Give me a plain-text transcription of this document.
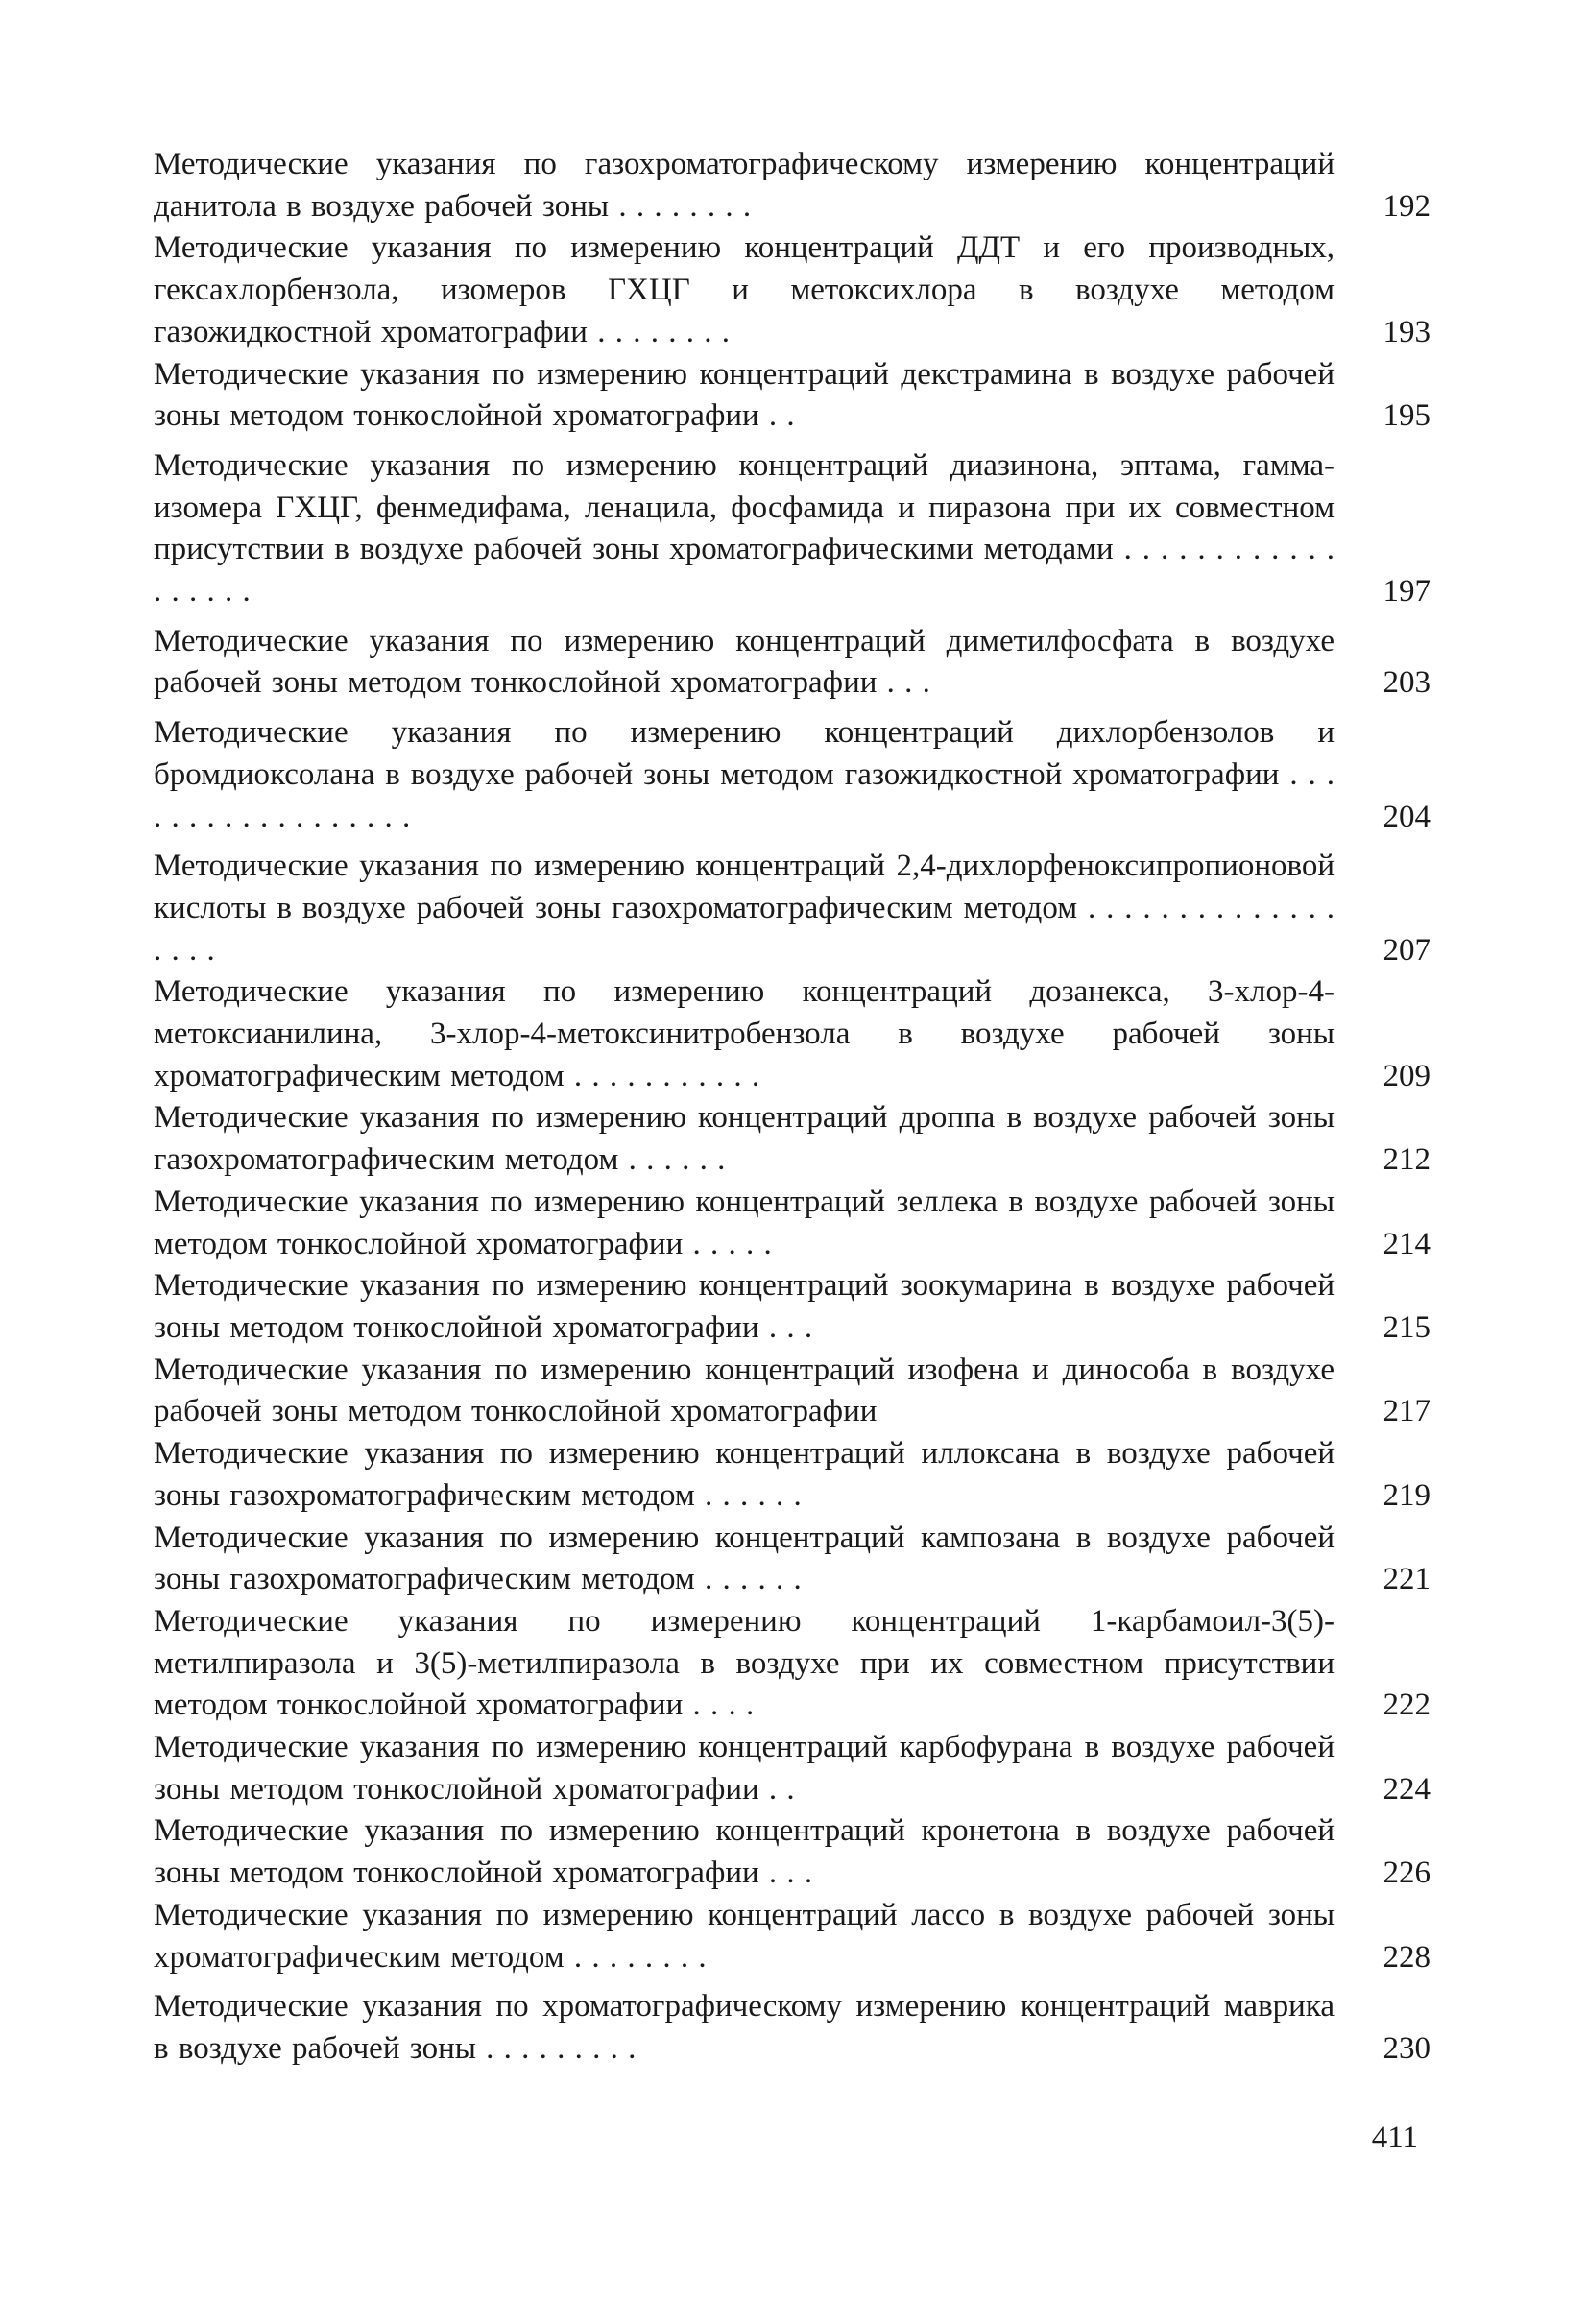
Методические указания по газохроматографическому измерению концентраций данитола в воздухе рабочей зоны . . . . . . . .	192
Методические указания по измерению концентраций ДДТ и его производных, гексахлорбензола, изомеров ГХЦГ и метоксихлора в воздухе методом газожидкостной хроматографии . . . . . . . .	193
Методические указания по измерению концентраций декстрамина в воздухе рабочей зоны методом тонкослойной хроматографии . .	195
Методические указания по измерению концентраций диазинона, эптама, гамма-изомера ГХЦГ, фенмедифама, ленацила, фосфамида и пиразона при их совместном присутствии в воздухе рабочей зоны хроматографическими методами . . . . . . . . . . . . . . . . . .	197
Методические указания по измерению концентраций диметилфосфата в воздухе рабочей зоны методом тонкослойной хроматографии . . .	203
Методические указания по измерению концентраций дихлорбензолов и бромдиоксолана в воздухе рабочей зоны методом газожидкостной хроматографии . . . . . . . . . . . . . . . . . .	204
Методические указания по измерению концентраций 2,4-дихлорфеноксипропионовой кислоты в воздухе рабочей зоны газохроматографическим методом . . . . . . . . . . . . . . . . . .	207
Методические указания по измерению концентраций дозанекса, 3-хлор-4-метоксианилина, 3-хлор-4-метоксинитробензола в воздухе рабочей зоны хроматографическим методом . . . . . . . . . . .	209
Методические указания по измерению концентраций дроппа в воздухе рабочей зоны газохроматографическим методом . . . . . .	212
Методические указания по измерению концентраций зеллека в воздухе рабочей зоны методом тонкослойной хроматографии . . . . .	214
Методические указания по измерению концентраций зоокумарина в воздухе рабочей зоны методом тонкослойной хроматографии . . .	215
Методические указания по измерению концентраций изофена и динособа в воздухе рабочей зоны методом тонкослойной хроматографии	217
Методические указания по измерению концентраций иллоксана в воздухе рабочей зоны газохроматографическим методом . . . . . .	219
Методические указания по измерению концентраций кампозана в воздухе рабочей зоны газохроматографическим методом . . . . . .	221
Методические указания по измерению концентраций 1-карбамоил-3(5)-метилпиразола и 3(5)-метилпиразола в воздухе при их совместном присутствии методом тонкослойной хроматографии . . . .	222
Методические указания по измерению концентраций карбофурана в воздухе рабочей зоны методом тонкослойной хроматографии . .	224
Методические указания по измерению концентраций кронетона в воздухе рабочей зоны методом тонкослойной хроматографии . . .	226
Методические указания по измерению концентраций лассо в воздухе рабочей зоны хроматографическим методом . . . . . . . .	228
Методические указания по хроматографическому измерению концентраций маврика в воздухе рабочей зоны . . . . . . . . .	230
411
